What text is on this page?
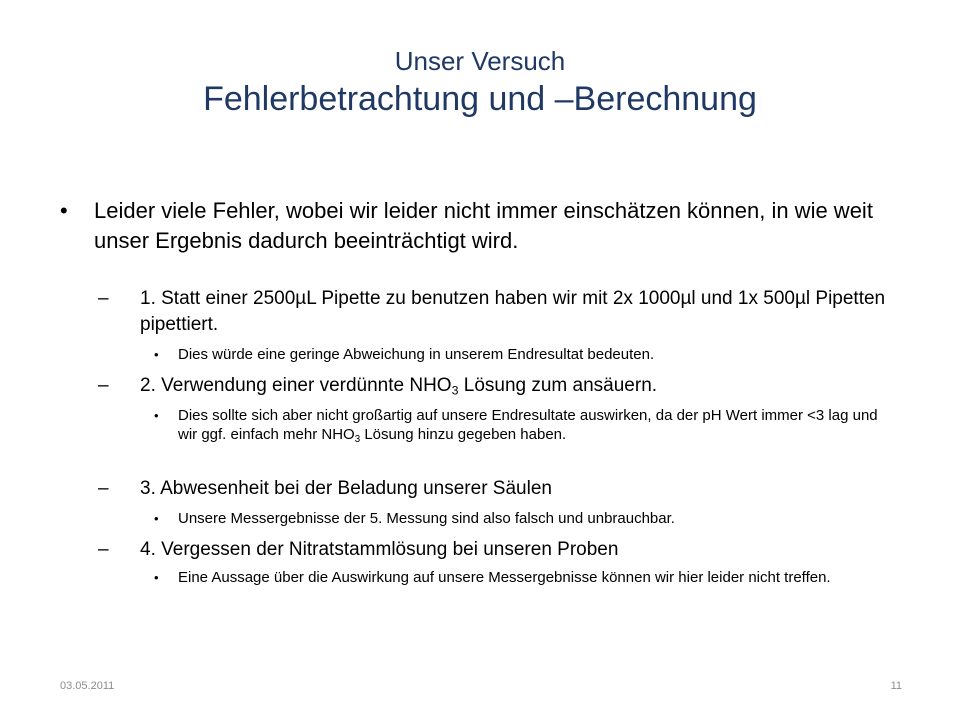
Unser Versuch
Fehlerbetrachtung und –Berechnung
• Leider viele Fehler, wobei wir leider nicht immer einschätzen können, in wie weit unser Ergebnis dadurch beeinträchtigt wird.
– 1. Statt einer 2500µL Pipette zu benutzen haben wir mit 2x 1000µl und 1x 500µl Pipetten pipettiert.
• Dies würde eine geringe Abweichung in unserem Endresultat bedeuten.
– 2. Verwendung einer verdünnte $NHO_3$ Lösung zum ansäuern.
• Dies sollte sich aber nicht großartig auf unsere Endresultate auswirken, da der pH Wert immer <3 lag und wir ggf. einfach mehr $NHO_3$ Lösung hinzu gegeben haben.
– 3. Abwesenheit bei der Beladung unserer Säulen
• Unsere Messergebnisse der 5. Messung sind also falsch und unbrauchbar.
– 4. Vergessen der Nitratstammlösung bei unseren Proben
• Eine Aussage über die Auswirkung auf unsere Messergebnisse können wir hier leider nicht treffen.
03.05.2011	11
